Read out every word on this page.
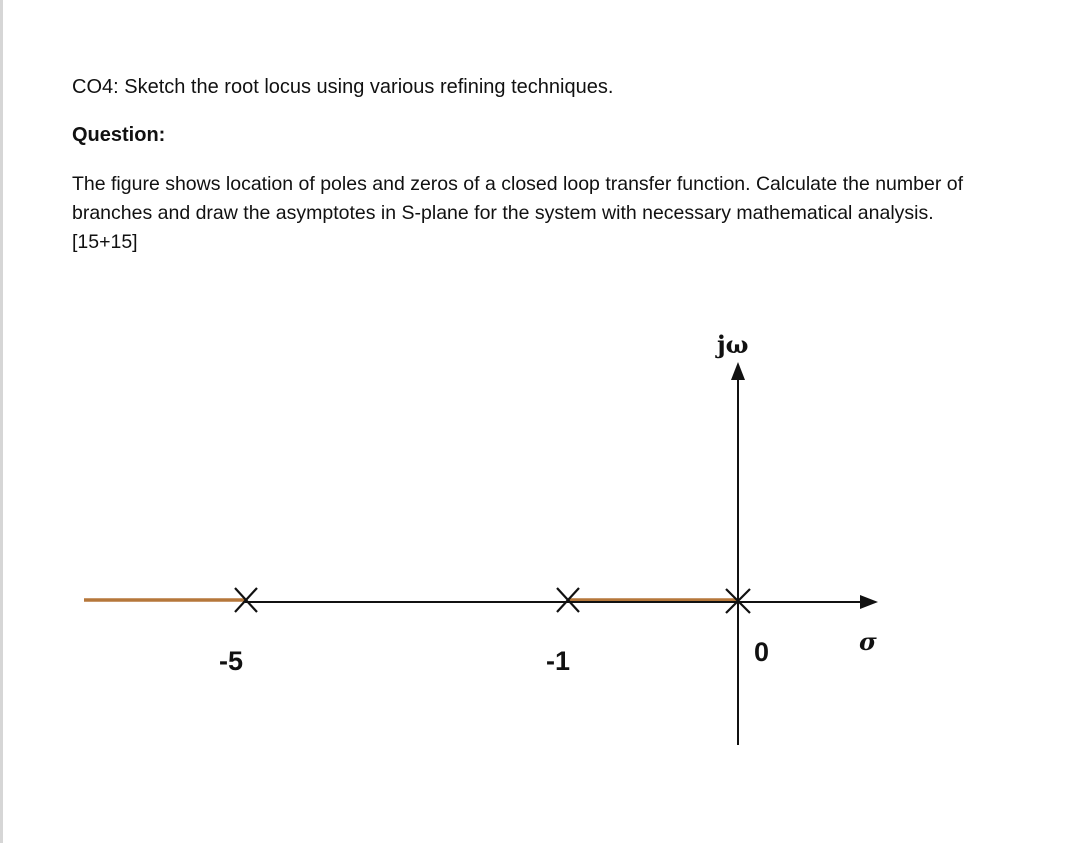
CO4: Sketch the root locus using various refining techniques.
Question:
The figure shows location of poles and zeros of a closed loop transfer function. Calculate the number of
branches and draw the asymptotes in S-plane for the system with necessary mathematical analysis.
[15+15]
jω
σ
0
-5	-1
